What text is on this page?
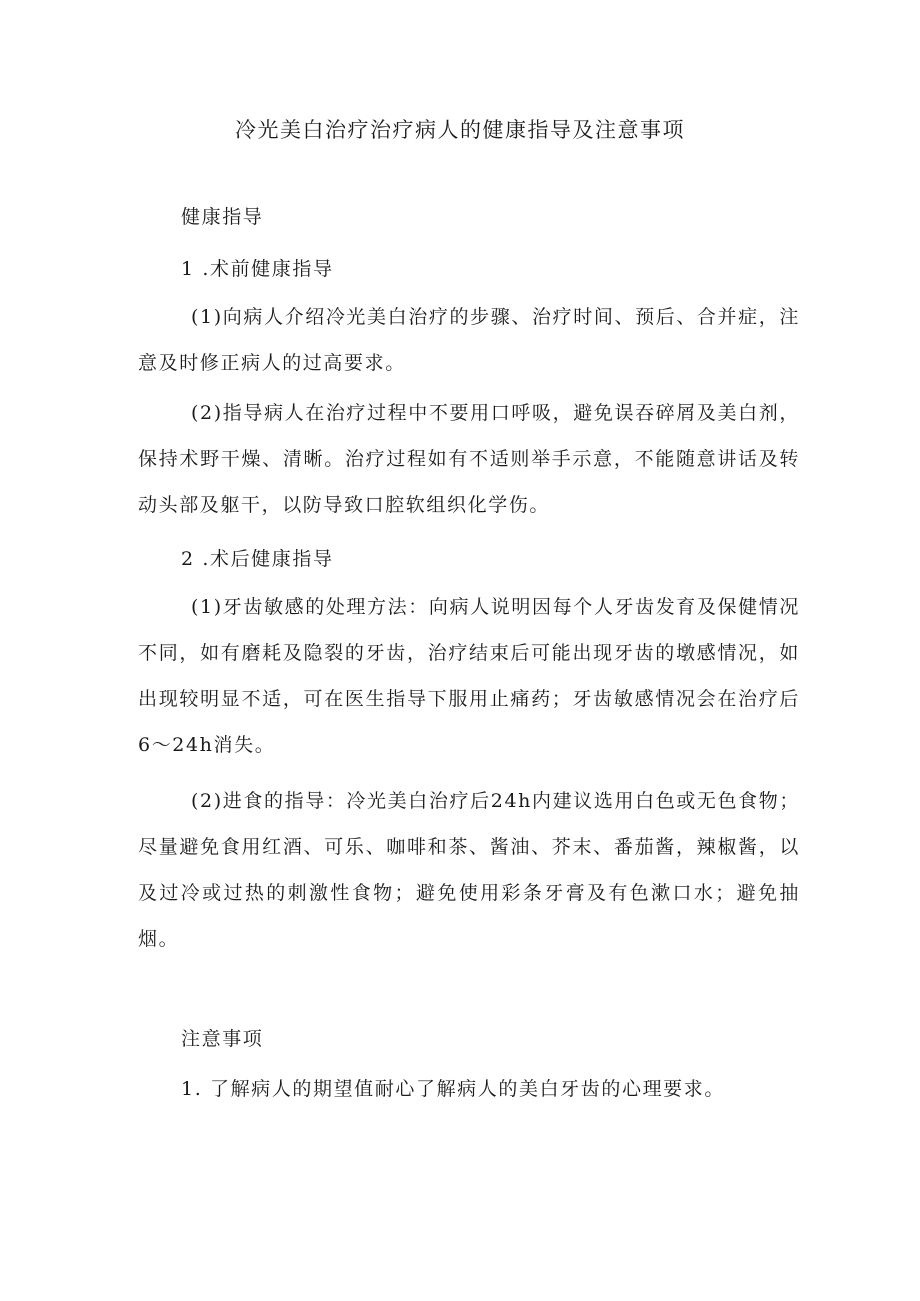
冷光美白治疗治疗病人的健康指导及注意事项
健康指导
1 .术前健康指导

(1)向病人介绍冷光美白治疗的步骤、治疗时间、预后、合并症，注意及时修正病人的过高要求。

(2)指导病人在治疗过程中不要用口呼吸，避免误吞碎屑及美白剂，保持术野干燥、清晰。治疗过程如有不适则举手示意，不能随意讲话及转动头部及躯干，以防导致口腔软组织化学伤。

2 .术后健康指导

(1)牙齿敏感的处理方法：向病人说明因每个人牙齿发育及保健情况不同，如有磨耗及隐裂的牙齿，治疗结束后可能出现牙齿的墩感情况，如出现较明显不适，可在医生指导下服用止痛药；牙齿敏感情况会在治疗后6～24h消失。

(2)进食的指导：冷光美白治疗后24h内建议选用白色或无色食物；尽量避免食用红酒、可乐、咖啡和茶、酱油、芥末、番茄酱，辣椒酱，以及过冷或过热的刺激性食物；避免使用彩条牙膏及有色漱口水；避免抽烟。

注意事项
1. 了解病人的期望值耐心了解病人的美白牙齿的心理要求。
